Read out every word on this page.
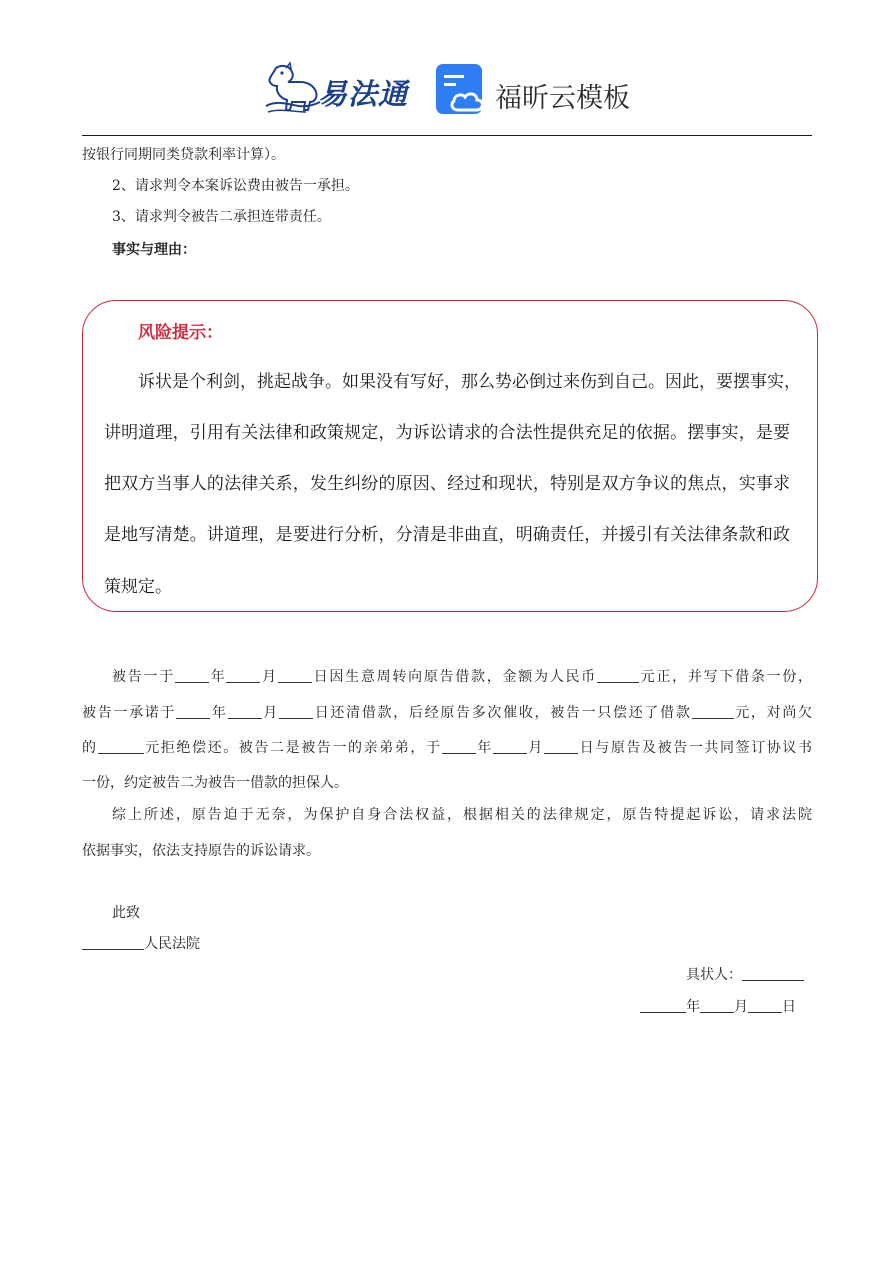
易法通	福昕云模板
按银行同期同类贷款利率计算）。
2、请求判令本案诉讼费由被告一承担。
3、请求判令被告二承担连带责任。
事实与理由：
风险提示：
诉状是个利剑，挑起战争。如果没有写好，那么势必倒过来伤到自己。因此，要摆事实，
讲明道理，引用有关法律和政策规定，为诉讼请求的合法性提供充足的依据。摆事实，是要
把双方当事人的法律关系，发生纠纷的原因、经过和现状，特别是双方争议的焦点，实事求
是地写清楚。讲道理，是要进行分析，分清是非曲直，明确责任，并援引有关法律条款和政
策规定。
被告一于 年 月 日因生意周转向原告借款，金额为人民币	元正，并写下借条一份，
被告一承诺于 年 月 日还清借款，后经原告多次催收，被告一只偿还了借款	元，对尚欠
的	元拒绝偿还。被告二是被告一的亲弟弟，于 年 月 日与原告及被告一共同签订协议书
一份，约定被告二为被告一借款的担保人。
综上所述，原告迫于无奈，为保护自身合法权益，根据相关的法律规定，原告特提起诉讼，请求法院
依据事实，依法支持原告的诉讼请求。
此致
人民法院
具状人：
年 月 日
